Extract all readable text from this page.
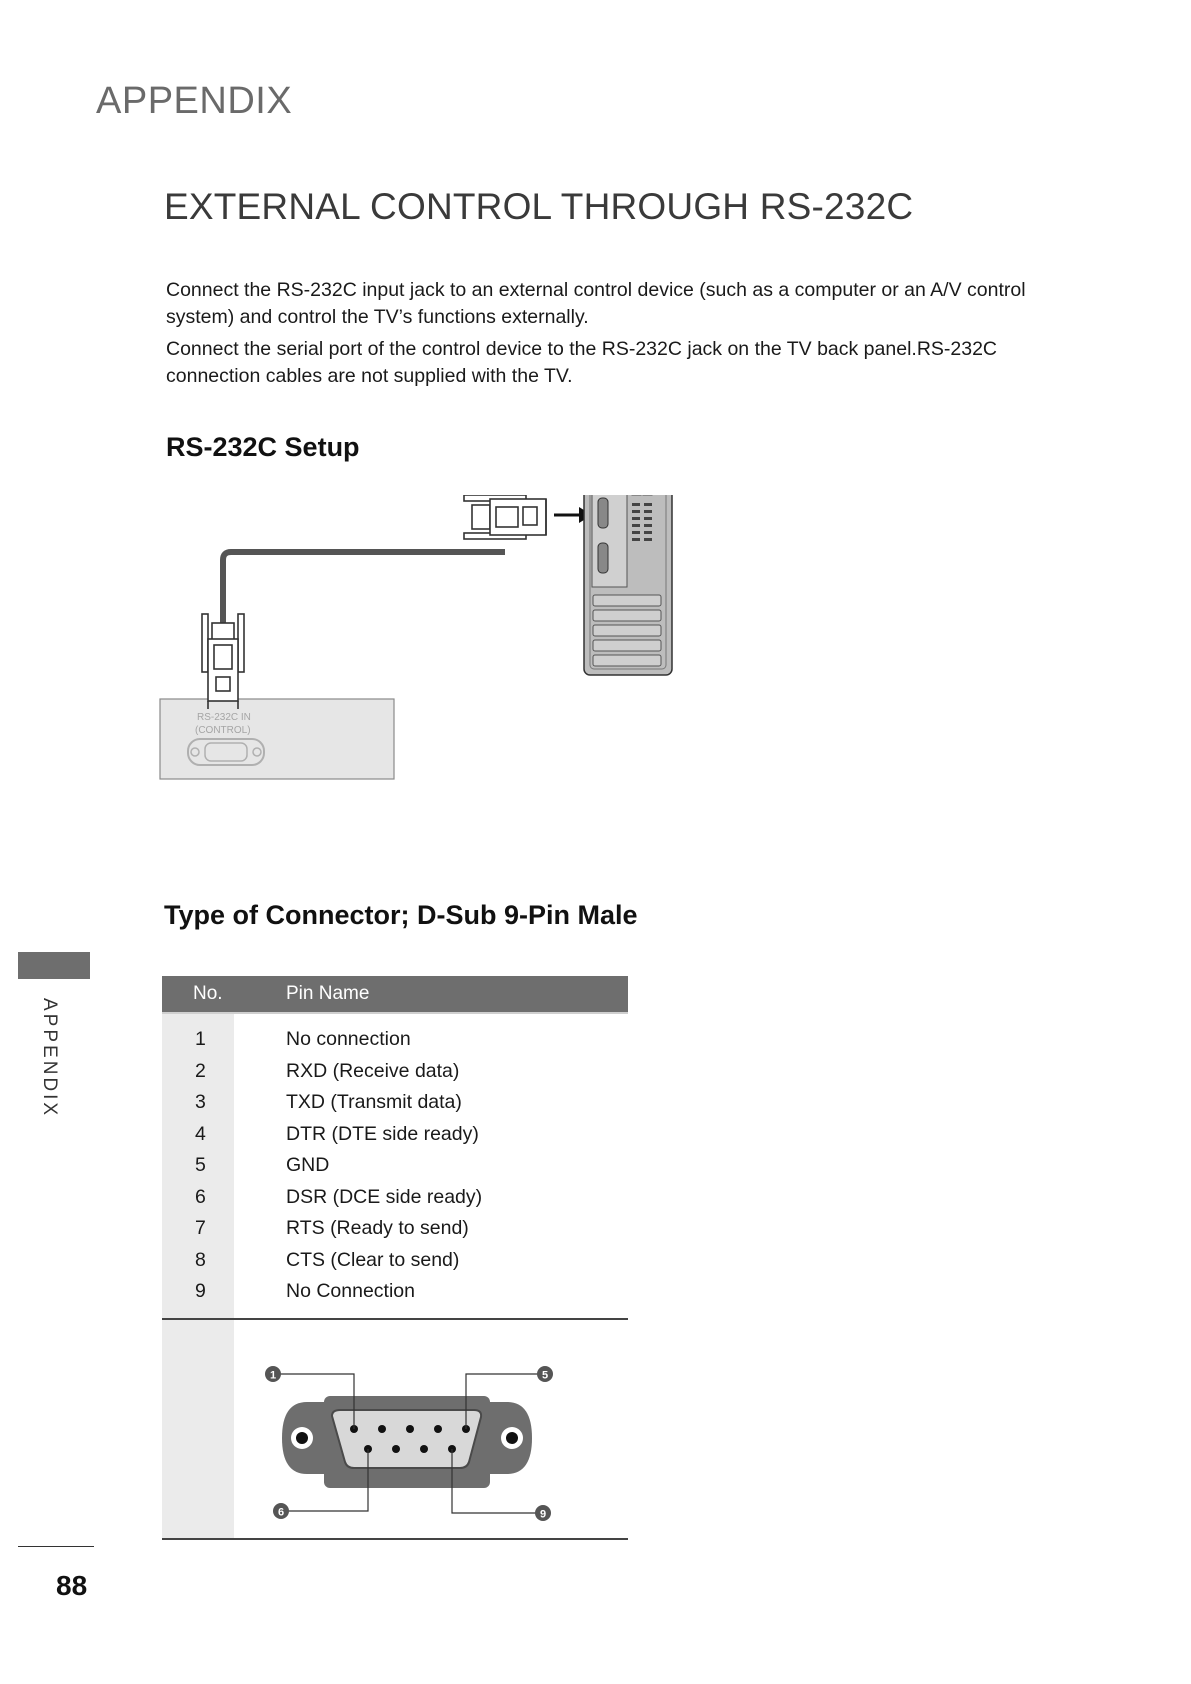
APPENDIX
EXTERNAL CONTROL THROUGH RS-232C

Connect the RS-232C input jack to an external control device (such as a computer or an A/V control system) and control the TV’s functions externally.

Connect the serial port of the control device to the RS-232C jack on the TV back panel.RS-232C connection cables are not supplied with the TV.

RS-232C Setup
RS-232C IN
(CONTROL)
Type of Connector; D-Sub 9-Pin Male
No.	Pin Name
1	No connection
2	RXD (Receive data)
3	TXD (Transmit data)
4	DTR (DTE side ready)
5	GND
6	DSR (DCE side ready)
7	RTS (Ready to send)
8	CTS (Clear to send)
9	No Connection
1	5
6	9
APPENDIX
88
